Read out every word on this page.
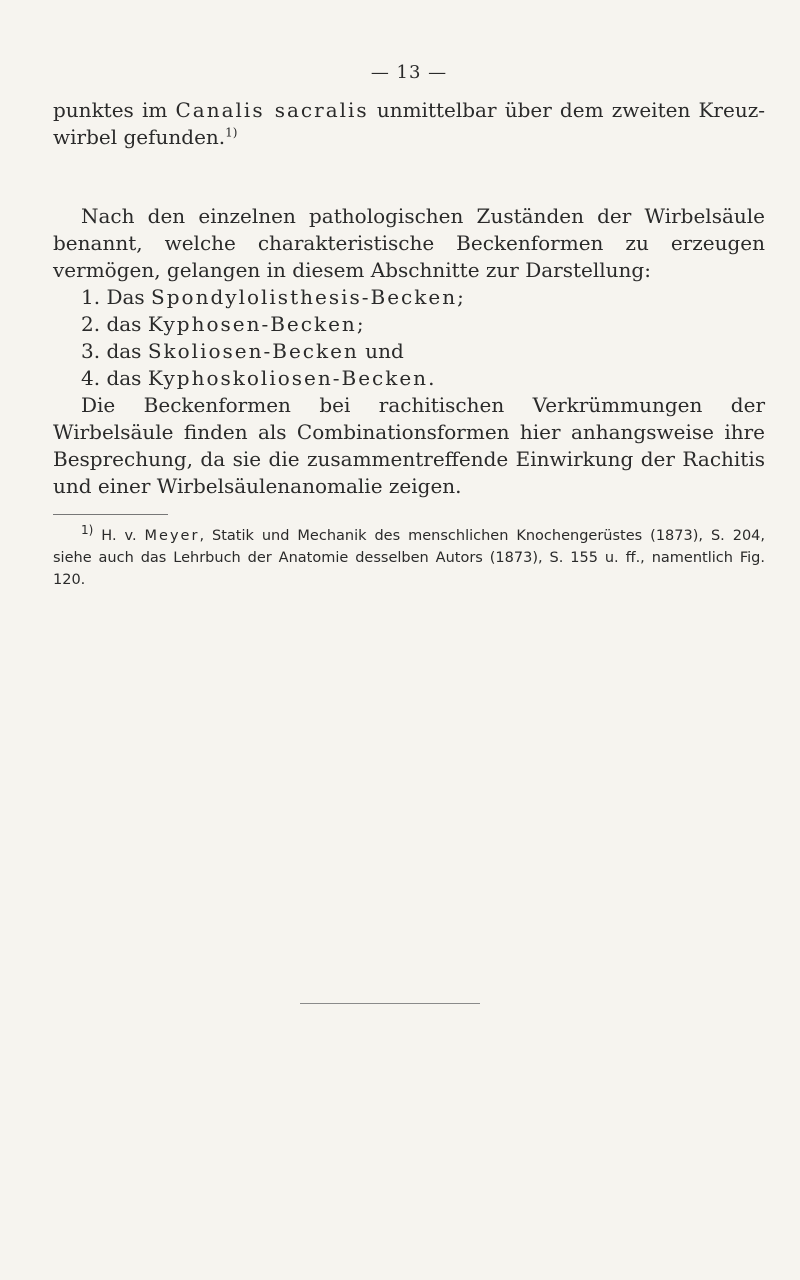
— 13 —

punktes im Canalis sacralis unmittelbar über dem zweiten Kreuz-wirbel gefunden.$^{1)}$

Nach den einzelnen pathologischen Zuständen der Wirbelsäule benannt, welche charakteristische Beckenformen zu erzeugen vermögen, gelangen in diesem Abschnitte zur Darstellung:

1. Das Spondylolisthesis-Becken;
2. das Kyphosen-Becken;
3. das Skoliosen-Becken und
4. das Kyphoskoliosen-Becken.

Die Beckenformen bei rachitischen Verkrümmungen der Wirbelsäule finden als Combinationsformen hier anhangsweise ihre Besprechung, da sie die zusammentreffende Einwirkung der Rachitis und einer Wirbelsäulenanomalie zeigen.

$^{1)}$ H. v. Meyer, Statik und Mechanik des menschlichen Knochengerüstes (1873), S. 204, siehe auch das Lehrbuch der Anatomie desselben Autors (1873), S. 155 u. ff., namentlich Fig. 120.
